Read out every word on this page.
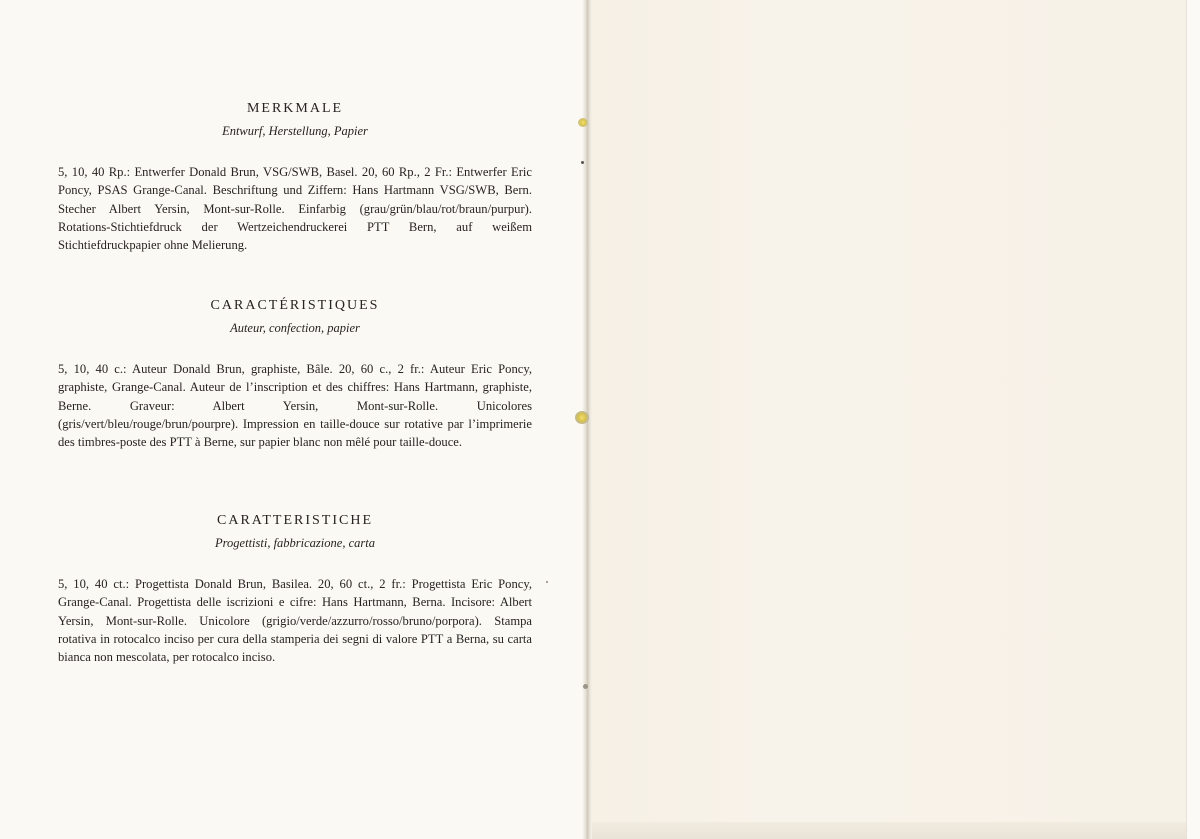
MERKMALE

Entwurf, Herstellung, Papier

5, 10, 40 Rp.: Entwerfer Donald Brun, VSG/SWB, Basel. 20, 60 Rp., 2 Fr.: Entwerfer Eric Poncy, PSAS Grange-Canal. Beschriftung und Ziffern: Hans Hartmann VSG/SWB, Bern. Stecher Albert Yersin, Mont-sur-Rolle. Einfarbig (grau/grün/blau/rot/braun/purpur). Rotations-Stichtiefdruck der Wertzeichendruckerei PTT Bern, auf weißem Stichtiefdruckpapier ohne Melierung.

CARACTÉRISTIQUES

Auteur, confection, papier

5, 10, 40 c.: Auteur Donald Brun, graphiste, Bâle. 20, 60 c., 2 fr.: Auteur Eric Poncy, graphiste, Grange-Canal. Auteur de l’inscription et des chiffres: Hans Hartmann, graphiste, Berne. Graveur: Albert Yersin, Mont-sur-Rolle. Unicolores (gris/vert/bleu/rouge/brun/pourpre). Impression en taille-douce sur rotative par l’imprimerie des timbres-poste des PTT à Berne, sur papier blanc non mêlé pour taille-douce.

CARATTERISTICHE

Progettisti, fabbricazione, carta

5, 10, 40 ct.: Progettista Donald Brun, Basilea. 20, 60 ct., 2 fr.: Progettista Eric Poncy, Grange-Canal. Progettista delle iscrizioni e cifre: Hans Hartmann, Berna. Incisore: Albert Yersin, Mont-sur-Rolle. Unicolore (grigio/verde/azzurro/rosso/bruno/porpora). Stampa rotativa in rotocalco inciso per cura della stamperia dei segni di valore PTT a Berna, su carta bianca non mescolata, per rotocalco inciso.
